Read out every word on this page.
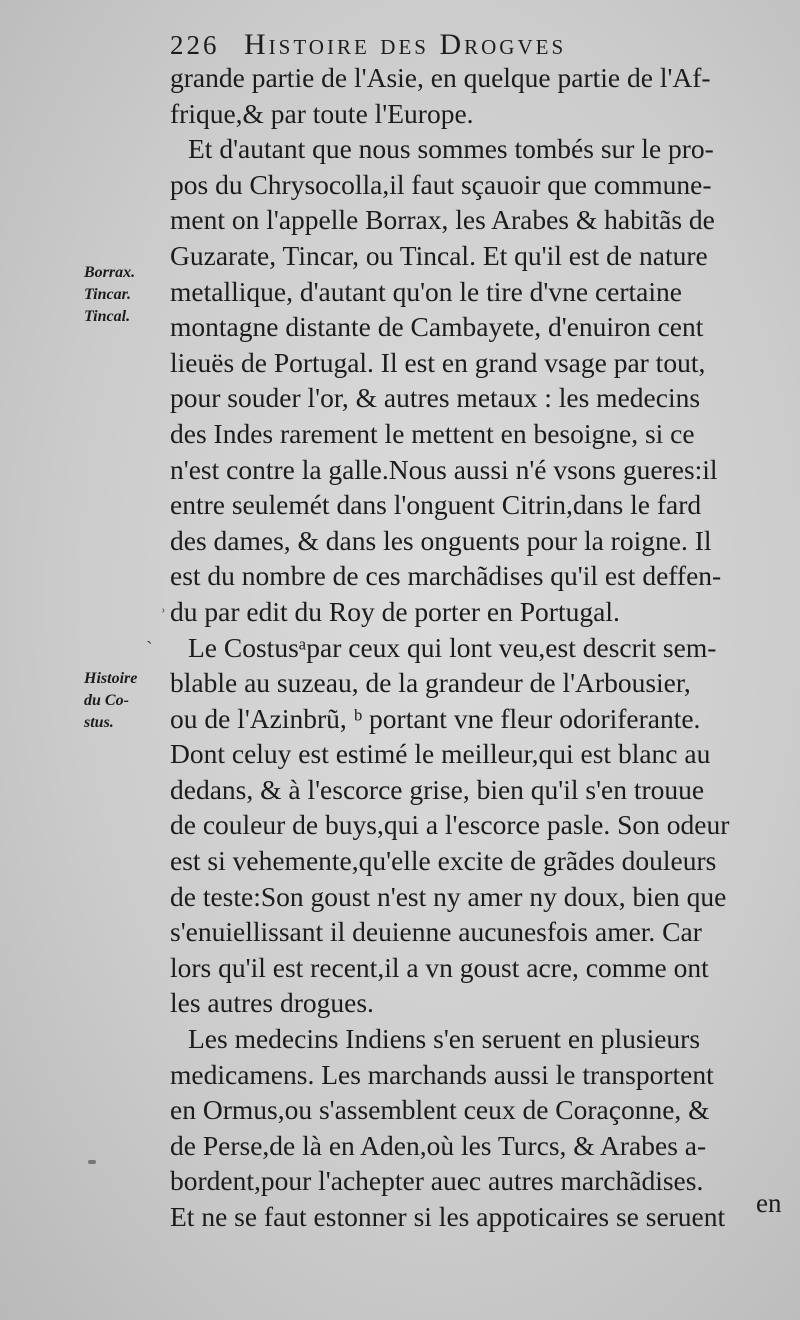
226 Histoire des Drogves
Borrax.
Tincar.
Tincal.
Histoire
du Co-
stus.
ʾ
ˋ
grande partie de l'Asie, en quelque partie de l'Af-
frique,& par toute l'Europe.
Et d'autant que nous sommes tombés sur le pro-
pos du Chrysocolla,il faut sçauoir que commune-
ment on l'appelle Borrax, les Arabes & habitãs de
Guzarate, Tincar, ou Tincal. Et qu'il est de nature
metallique, d'autant qu'on le tire d'vne certaine
montagne distante de Cambayete, d'enuiron cent
lieuës de Portugal. Il est en grand vsage par tout,
pour souder l'or, & autres metaux : les medecins
des Indes rarement le mettent en besoigne, si ce
n'est contre la galle.Nous aussi n'é vsons gueres:il
entre seulemét dans l'onguent Citrin,dans le fard
des dames, & dans les onguents pour la roigne. Il
est du nombre de ces marchãdises qu'il est deffen-
du par edit du Roy de porter en Portugal.
Le Costusᵃpar ceux qui lont veu,est descrit sem-
blable au suzeau, de la grandeur de l'Arbousier,
ou de l'Azinbrũ, ᵇ portant vne fleur odoriferante.
Dont celuy est estimé le meilleur,qui est blanc au
dedans, & à l'escorce grise, bien qu'il s'en trouue
de couleur de buys,qui a l'escorce pasle. Son odeur
est si vehemente,qu'elle excite de grãdes douleurs
de teste:Son goust n'est ny amer ny doux, bien que
s'enuiellissant il deuienne aucunesfois amer. Car
lors qu'il est recent,il a vn goust acre, comme ont
les autres drogues.
Les medecins Indiens s'en seruent en plusieurs
medicamens. Les marchands aussi le transportent
en Ormus,ou s'assemblent ceux de Coraçonne, &
de Perse,de là en Aden,où les Turcs, & Arabes a-
bordent,pour l'achepter auec autres marchãdises.
Et ne se faut estonner si les appoticaires se seruent	en
